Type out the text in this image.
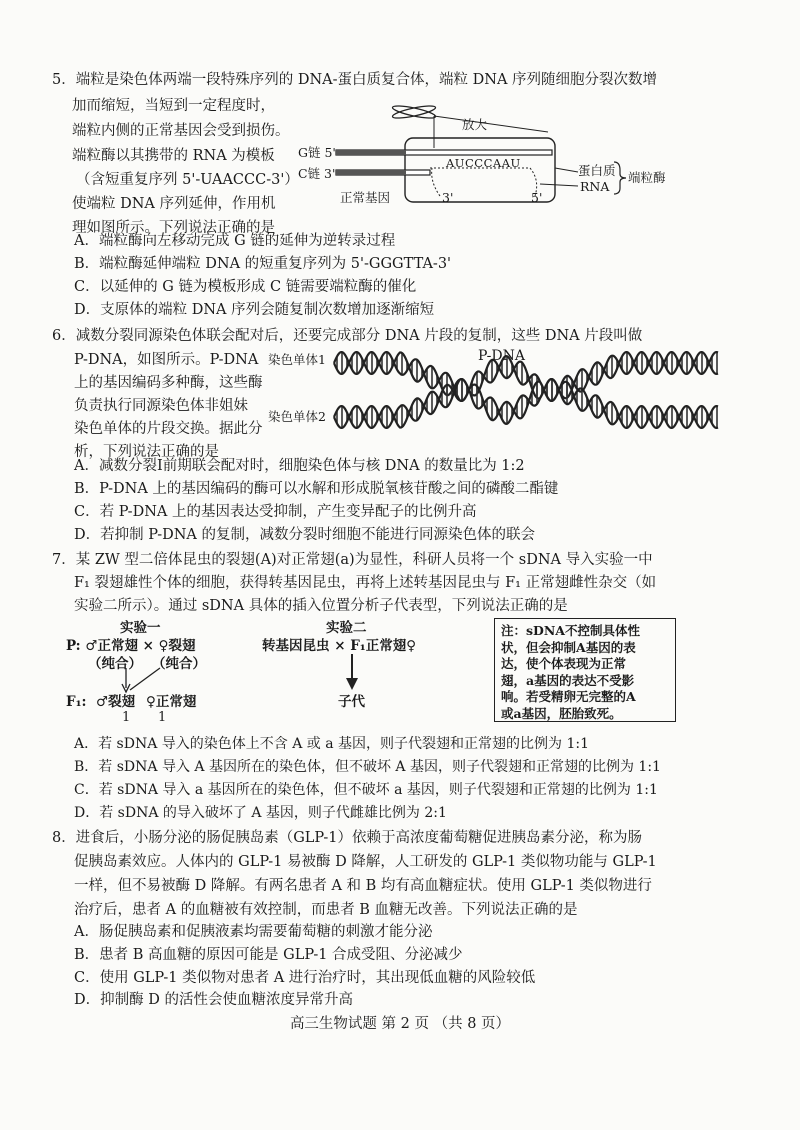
5．端粒是染色体两端一段特殊序列的 DNA-蛋白质复合体，端粒 DNA 序列随细胞分裂次数增
加而缩短，当短到一定程度时，
端粒内侧的正常基因会受到损伤。
端粒酶以其携带的 RNA 为模板
（含短重复序列 5'-UAACCC-3'）
使端粒 DNA 序列延伸，作用机
理如图所示。下列说法正确的是
放大
G链 5'
C链 3'
AUCCCAAU
正常基因	3'	5'
蛋白质
RNA
端粒酶
A．端粒酶向左移动完成 G 链的延伸为逆转录过程
B．端粒酶延伸端粒 DNA 的短重复序列为 5'-GGGTTA-3'
C．以延伸的 G 链为模板形成 C 链需要端粒酶的催化
D．支原体的端粒 DNA 序列会随复制次数增加逐渐缩短
6．减数分裂同源染色体联会配对后，还要完成部分 DNA 片段的复制，这些 DNA 片段叫做
P-DNA，如图所示。P-DNA
上的基因编码多种酶，这些酶
负责执行同源染色体非姐妹
染色单体的片段交换。据此分
析，下列说法正确的是
染色单体1
染色单体2
P-DNA
A．减数分裂Ⅰ前期联会配对时，细胞染色体与核 DNA 的数量比为 1:2
B．P-DNA 上的基因编码的酶可以水解和形成脱氧核苷酸之间的磷酸二酯键
C．若 P-DNA 上的基因表达受抑制，产生变异配子的比例升高
D．若抑制 P-DNA 的复制，减数分裂时细胞不能进行同源染色体的联会
7．某 ZW 型二倍体昆虫的裂翅(A)对正常翅(a)为显性，科研人员将一个 sDNA 导入实验一中
F₁ 裂翅雄性个体的细胞，获得转基因昆虫，再将上述转基因昆虫与 F₁ 正常翅雌性杂交（如
实验二所示）。通过 sDNA 具体的插入位置分析子代表型，下列说法正确的是
实验一
P: ♂正常翅 × ♀裂翅
（纯合） （纯合）
F₁: ♂裂翅 ♀正常翅
1 1
实验二
转基因昆虫 × F₁正常翅♀
子代
注：sDNA不控制具体性
状，但会抑制A基因的表
达，使个体表现为正常
翅，a基因的表达不受影
响。若受精卵无完整的A
或a基因，胚胎致死。
A．若 sDNA 导入的染色体上不含 A 或 a 基因，则子代裂翅和正常翅的比例为 1:1
B．若 sDNA 导入 A 基因所在的染色体，但不破坏 A 基因，则子代裂翅和正常翅的比例为 1:1
C．若 sDNA 导入 a 基因所在的染色体，但不破坏 a 基因，则子代裂翅和正常翅的比例为 1:1
D．若 sDNA 的导入破坏了 A 基因，则子代雌雄比例为 2:1
8．进食后，小肠分泌的肠促胰岛素（GLP-1）依赖于高浓度葡萄糖促进胰岛素分泌，称为肠
促胰岛素效应。人体内的 GLP-1 易被酶 D 降解，人工研发的 GLP-1 类似物功能与 GLP-1
一样，但不易被酶 D 降解。有两名患者 A 和 B 均有高血糖症状。使用 GLP-1 类似物进行
治疗后，患者 A 的血糖被有效控制，而患者 B 血糖无改善。下列说法正确的是
A．肠促胰岛素和促胰液素均需要葡萄糖的刺激才能分泌
B．患者 B 高血糖的原因可能是 GLP-1 合成受阻、分泌减少
C．使用 GLP-1 类似物对患者 A 进行治疗时，其出现低血糖的风险较低
D．抑制酶 D 的活性会使血糖浓度异常升高
高三生物试题 第 2 页 （共 8 页）
